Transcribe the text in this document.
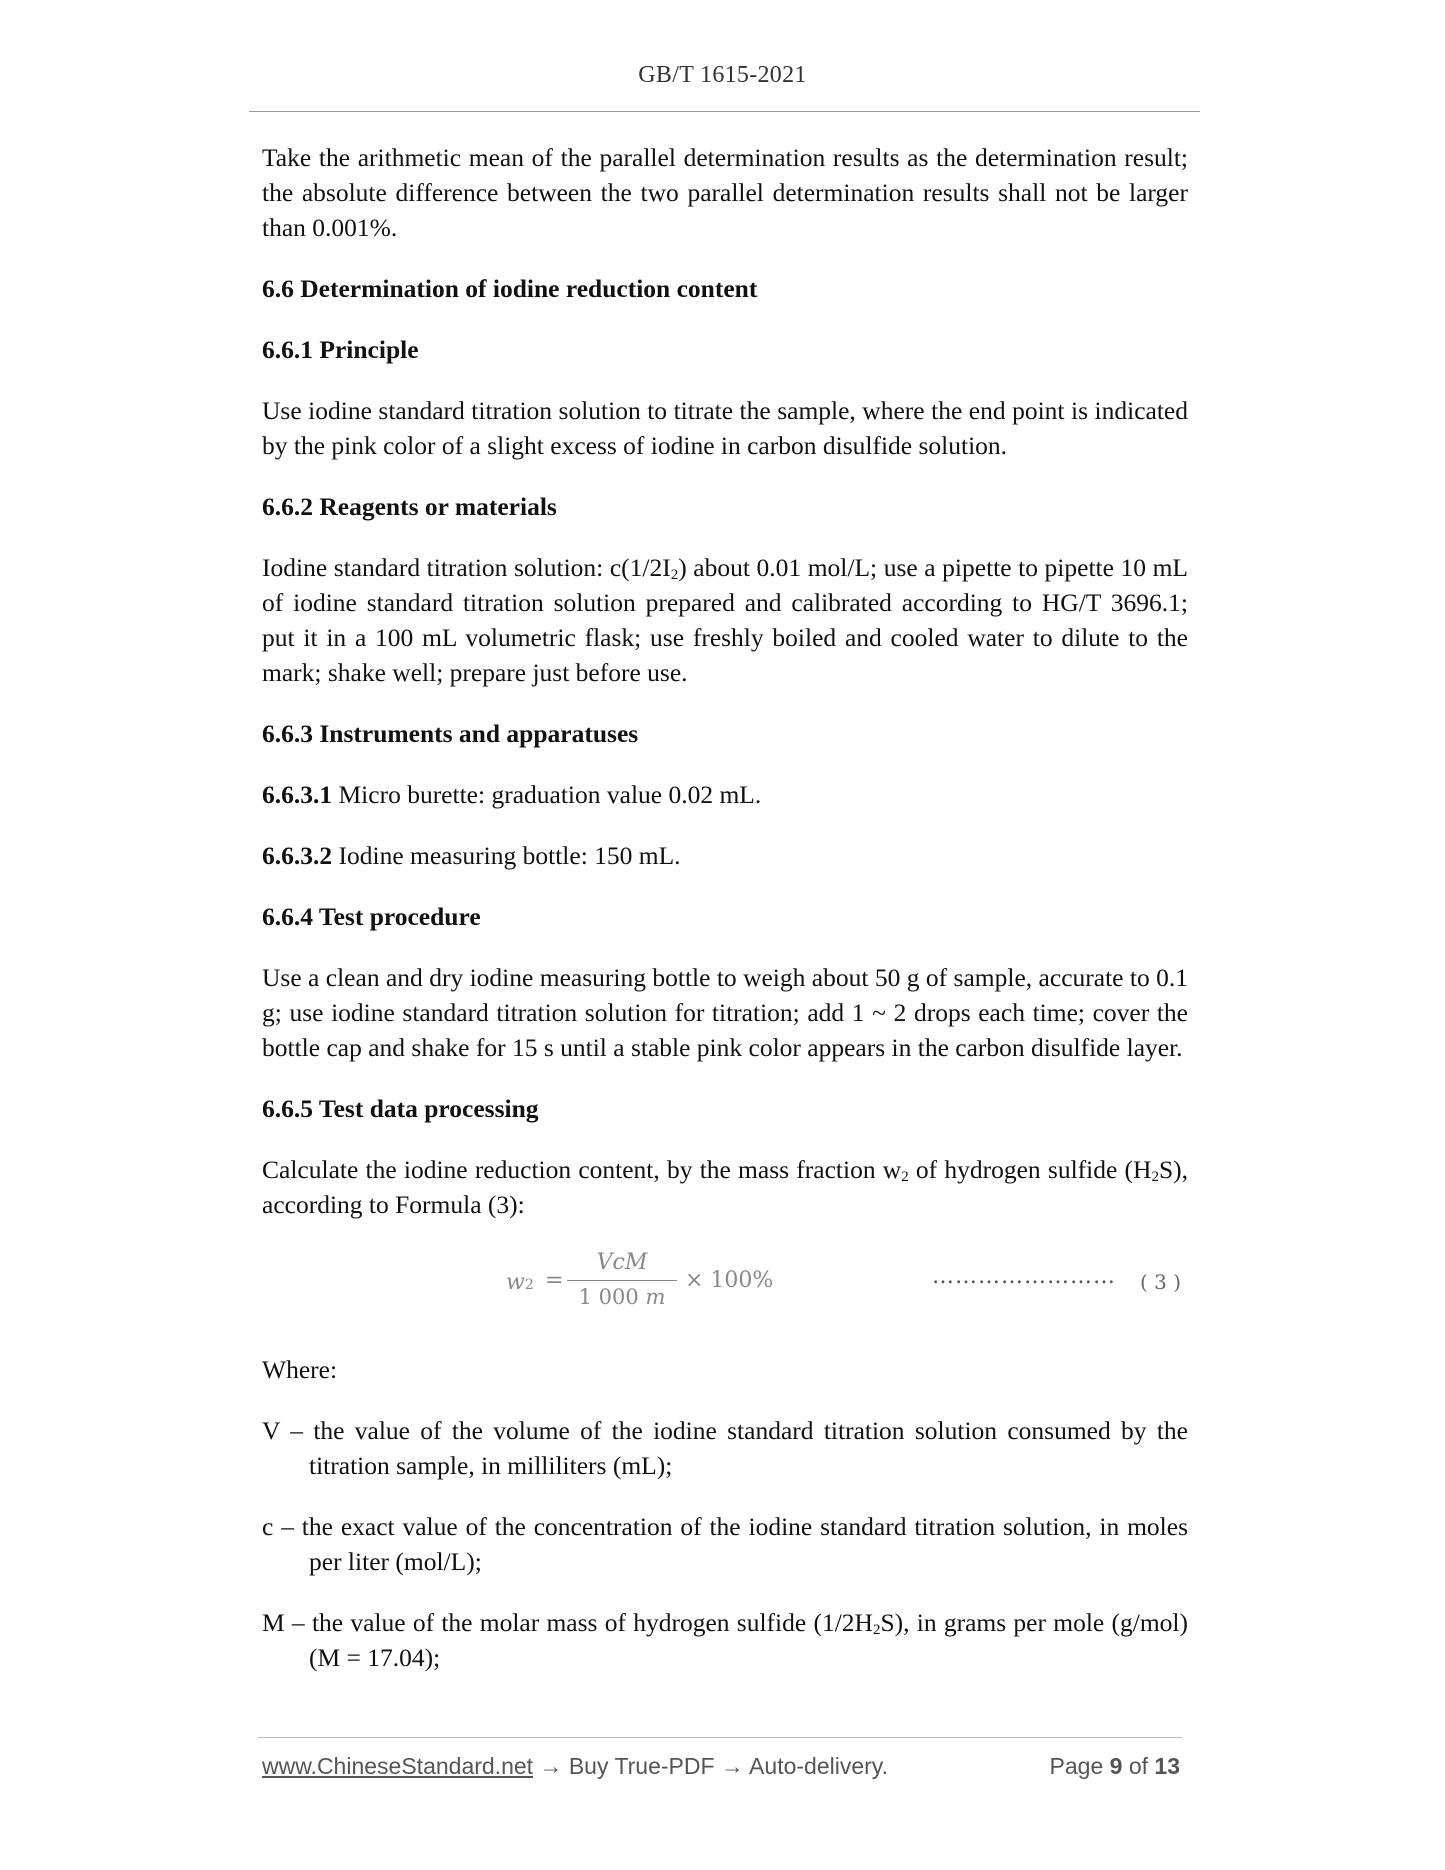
GB/T 1615-2021

Take the arithmetic mean of the parallel determination results as the determination result; the absolute difference between the two parallel determination results shall not be larger than 0.001%.

6.6 Determination of iodine reduction content
6.6.1 Principle

Use iodine standard titration solution to titrate the sample, where the end point is indicated by the pink color of a slight excess of iodine in carbon disulfide solution.

6.6.2 Reagents or materials

Iodine standard titration solution: $c(1/2I_2)$ about 0.01 mol/L; use a pipette to pipette 10 mL of iodine standard titration solution prepared and calibrated according to HG/T 3696.1; put it in a 100 mL volumetric flask; use freshly boiled and cooled water to dilute to the mark; shake well; prepare just before use.

6.6.3 Instruments and apparatuses

6.6.3.1 Micro burette: graduation value 0.02 mL.

6.6.3.2 Iodine measuring bottle: 150 mL.

6.6.4 Test procedure

Use a clean and dry iodine measuring bottle to weigh about 50 g of sample, accurate to 0.1 g; use iodine standard titration solution for titration; add 1 ~ 2 drops each time; cover the bottle cap and shake for 15 s until a stable pink color appears in the carbon disulfide layer.

6.6.5 Test data processing

Calculate the iodine reduction content, by the mass fraction $w_2$ of hydrogen sulfide $(H_2S)$, according to Formula (3):

w2 =
VcM
1 000 m
× 100%	…………………… ( 3 )

Where:

V – the value of the volume of the iodine standard titration solution consumed by the titration sample, in milliliters (mL);

c – the exact value of the concentration of the iodine standard titration solution, in moles per liter (mol/L);

M – the value of the molar mass of hydrogen sulfide $(1/2H_2S)$, in grams per mole (g/mol) (M = 17.04);

www.ChineseStandard.net → Buy True-PDF → Auto-delivery.	Page 9 of 13
